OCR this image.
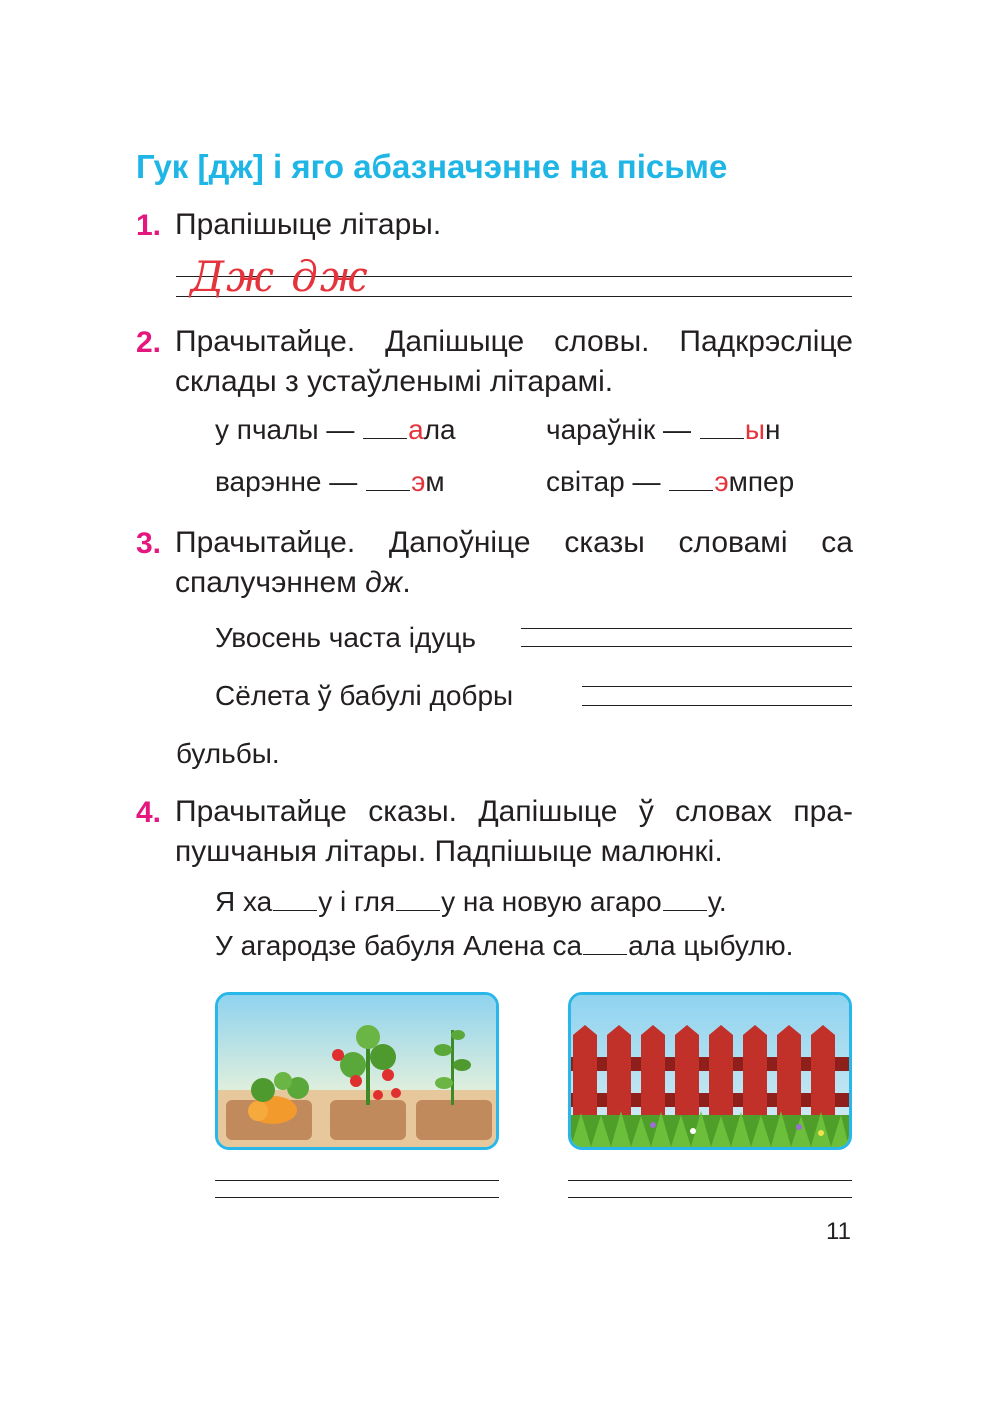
Гук [дж] і яго абазначэнне на пісьме
1. Прапішыце літары.
Дж дж
2. Прачытайце. Дапішыце словы. Падкрэсліце склады з устаўленымі літарамі.
у пчалы — ала	чараўнік — ын
варэнне — эм	світар — эмпер
3. Прачытайце. Дапоўніце сказы словамі са спалучэннем дж.
Увосень часта ідуць
Сёлета ў бабулі добры
бульбы.
4. Прачытайце сказы. Дапішыце ў словах прапушчаныя літары. Падпішыце малюнкі.
Я ха у і гля у на новую агаро у.
У агародзе бабуля Алена са ала цыбулю.
11
